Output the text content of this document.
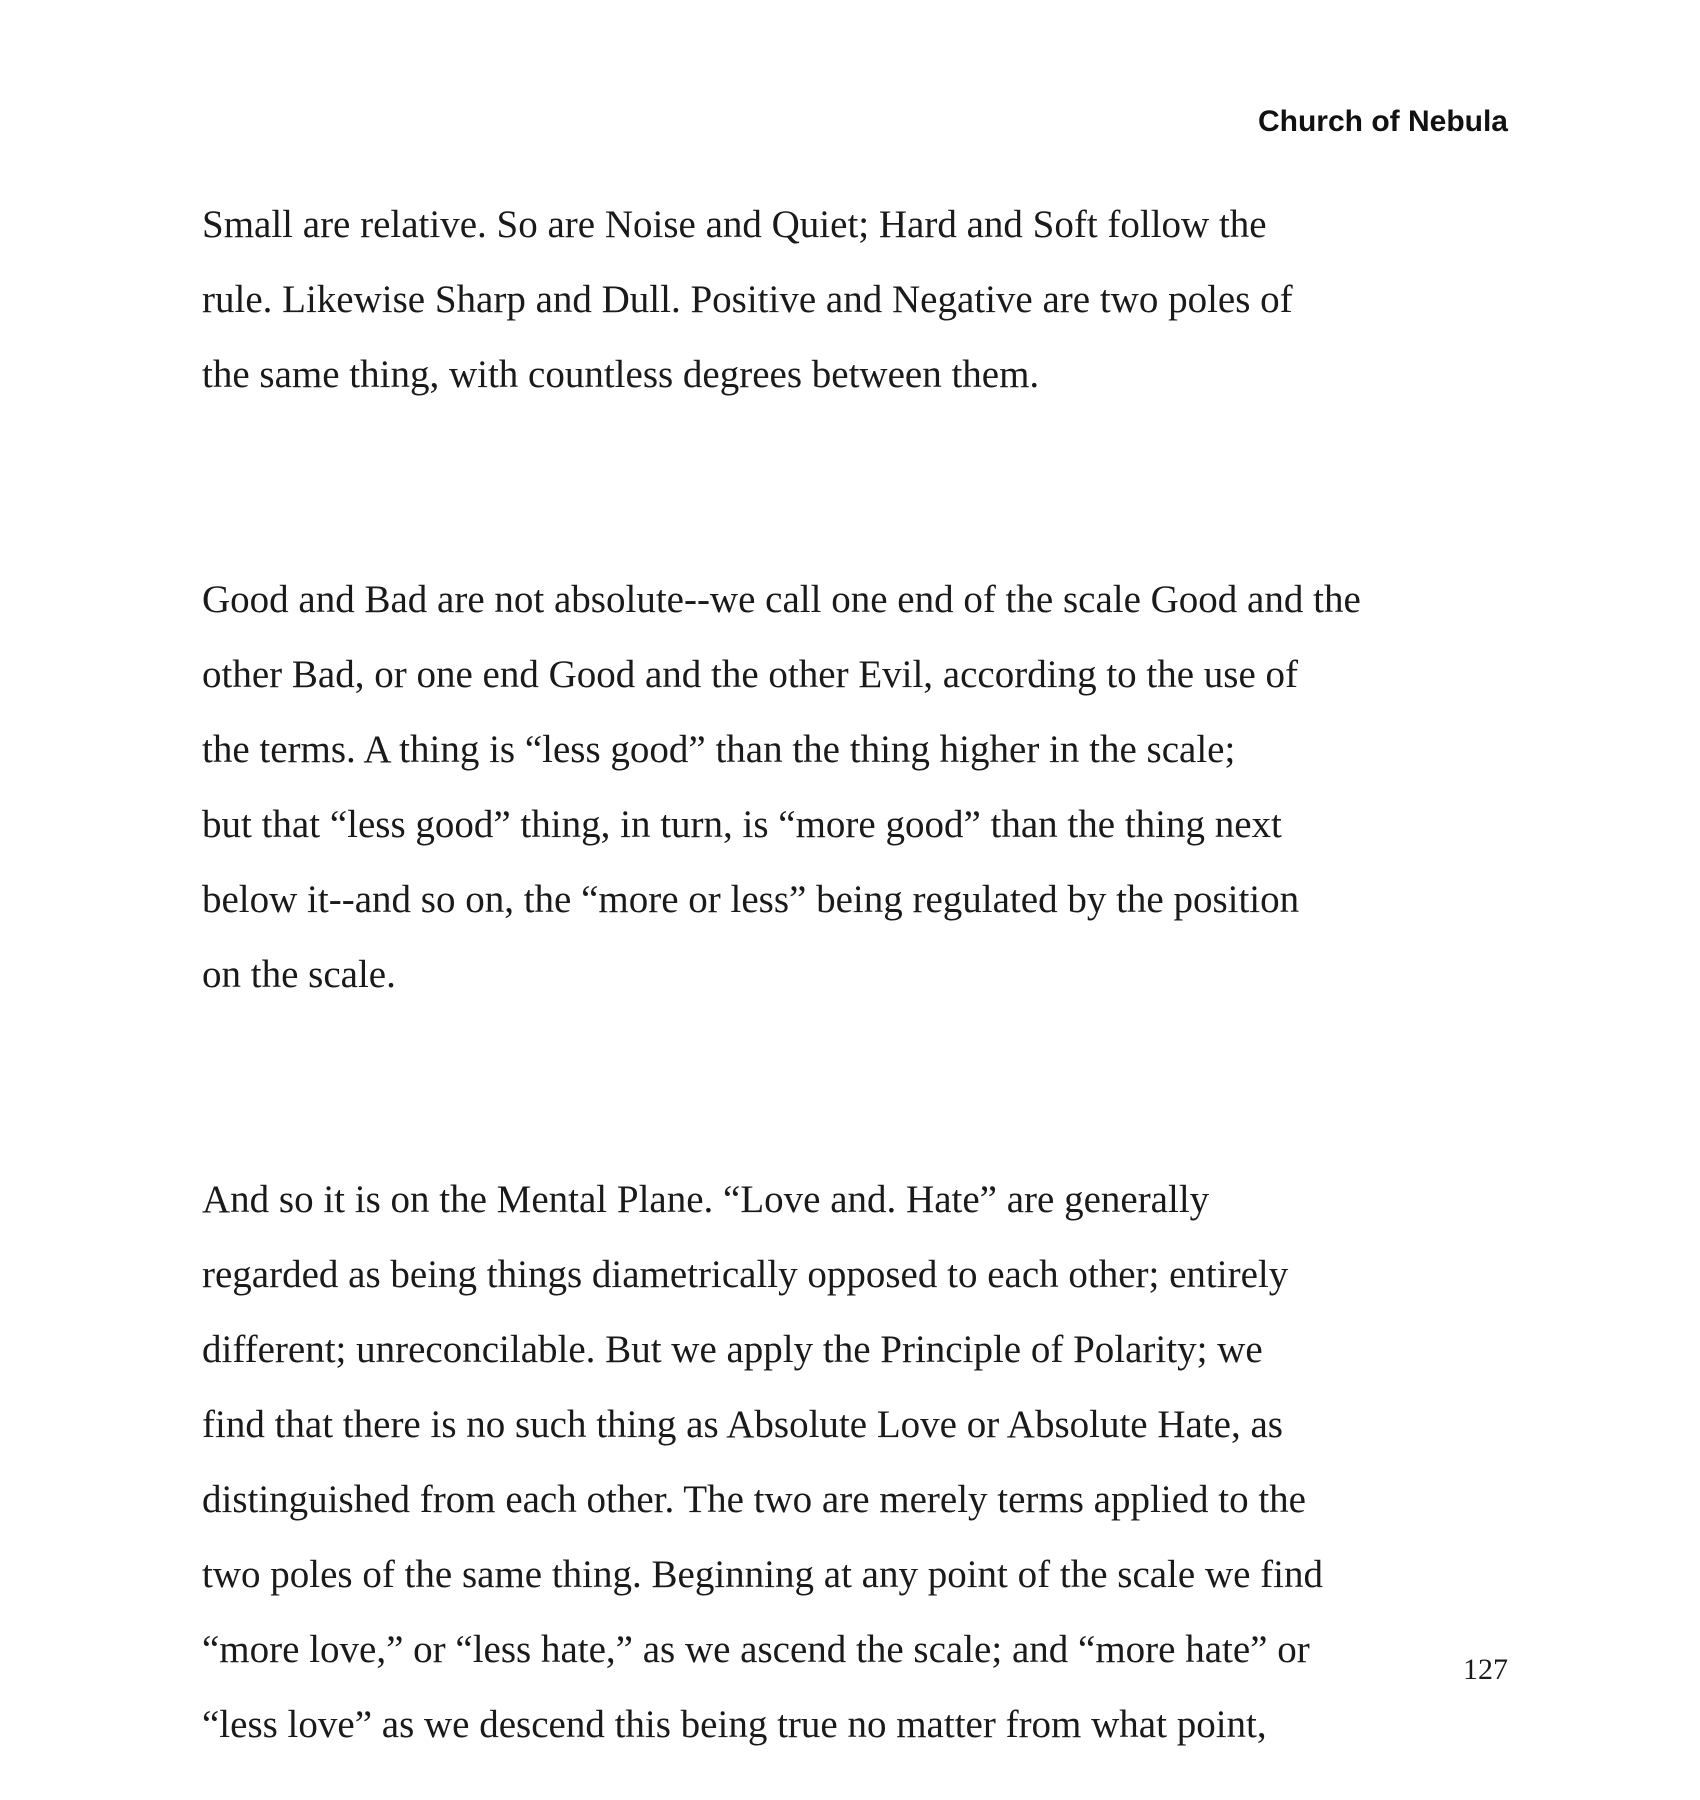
Church of Nebula
Small are relative. So are Noise and Quiet; Hard and Soft follow the
rule. Likewise Sharp and Dull. Positive and Negative are two poles of
the same thing, with countless degrees between them.
Good and Bad are not absolute--we call one end of the scale Good and the
other Bad, or one end Good and the other Evil, according to the use of
the terms. A thing is “less good” than the thing higher in the scale;
but that “less good” thing, in turn, is “more good” than the thing next
below it--and so on, the “more or less” being regulated by the position
on the scale.
And so it is on the Mental Plane. “Love and. Hate” are generally
regarded as being things diametrically opposed to each other; entirely
different; unreconcilable. But we apply the Principle of Polarity; we
find that there is no such thing as Absolute Love or Absolute Hate, as
distinguished from each other. The two are merely terms applied to the
two poles of the same thing. Beginning at any point of the scale we find
“more love,” or “less hate,” as we ascend the scale; and “more hate” or
“less love” as we descend this being true no matter from what point,
127
